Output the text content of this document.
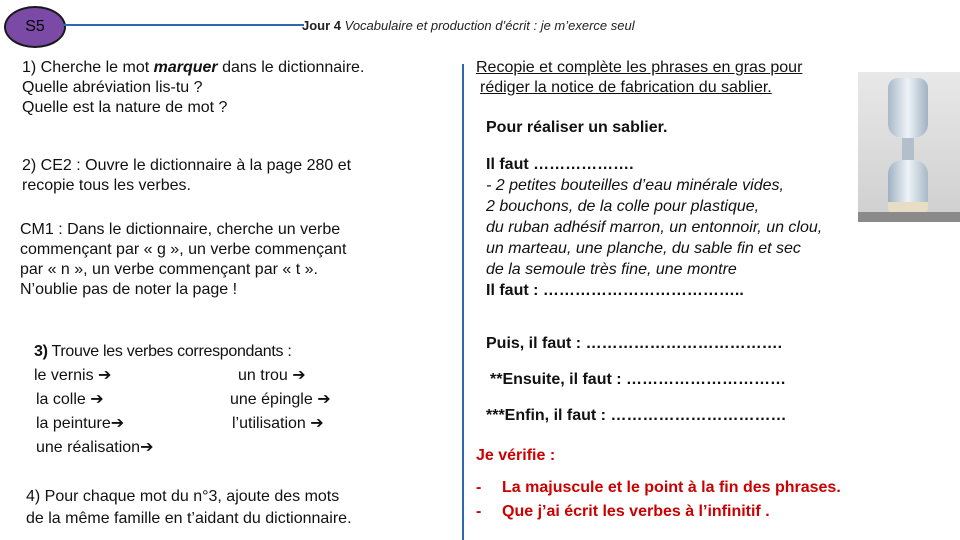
S5	Jour 4 Vocabulaire et production d’écrit : je m’exerce seul
1) Cherche le mot marquer dans le dictionnaire.
Quelle abréviation lis-tu ?
Quelle est la nature de mot ?
2) CE2 : Ouvre le dictionnaire à la page 280 et
recopie tous les verbes.
CM1 : Dans le dictionnaire, cherche un verbe
commençant par « g », un verbe commençant
par « n », un verbe commençant par « t ».
N’oublie pas de noter la page !
3) Trouve les verbes correspondants :
le vernis ➔
la colle ➔
la peinture➔
une réalisation➔
un trou ➔
une épingle ➔
l’utilisation ➔
4) Pour chaque mot du n°3, ajoute des mots
de la même famille en t’aidant du dictionnaire.
Recopie et complète les phrases en gras pour
rédiger la notice de fabrication du sablier.
Pour réaliser un sablier.
Il faut ……………….
- 2 petites bouteilles d’eau minérale vides,
2 bouchons, de la colle pour plastique,
du ruban adhésif marron, un entonnoir, un clou,
un marteau, une planche, du sable fin et sec
de la semoule très fine, une montre
Il faut : ………………………………..
Puis, il faut : ……………………………….
**Ensuite, il faut : …………………………
***Enfin, il faut : ……………………………
Je vérifie :
- La majuscule et le point à la fin des phrases.
- Que j’ai écrit les verbes à l’infinitif .
